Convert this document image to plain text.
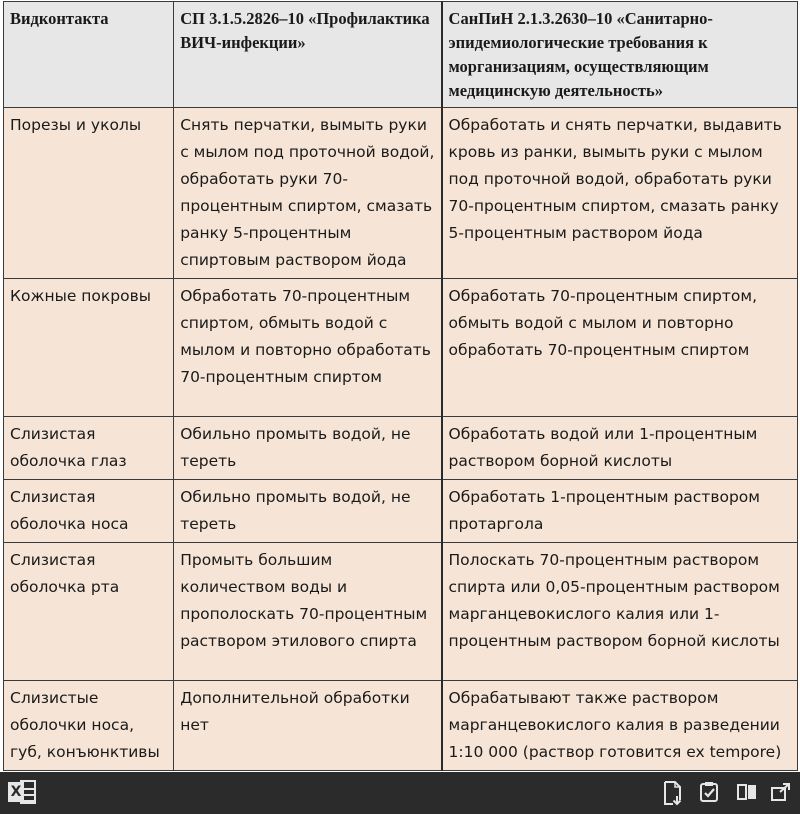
Видконтакта	СП 3.1.5.2826–10 «Профилактика ВИЧ-инфекции»	СанПиН 2.1.3.2630–10 «Санитарно-эпидемиологические требования к морганизациям, осуществляющим медицинскую деятельность»
Порезы и уколы	Снять перчатки, вымыть руки с мылом под проточной водой, обработать руки 70-процентным спиртом, смазать ранку 5-процентным спиртовым раствором йода	Обработать и снять перчатки, выдавить кровь из ранки, вымыть руки с мылом под проточной водой, обработать руки 70-процентным спиртом, смазать ранку 5-процентным раствором йода
Кожные покровы	Обработать 70-процентным спиртом, обмыть водой с мылом и повторно обработать 70-процентным спиртом	Обработать 70-процентным спиртом, обмыть водой с мылом и повторно обработать 70-процентным спиртом
Слизистая оболочка глаз	Обильно промыть водой, не тереть	Обработать водой или 1-процентным раствором борной кислоты
Слизистая оболочка носа	Обильно промыть водой, не тереть	Обработать 1-процентным раствором протаргола
Слизистая оболочка рта	Промыть большим количеством воды и прополоскать 70-процентным раствором этилового спирта	Полоскать 70-процентным раствором спирта или 0,05-процентным раствором марганцевокислого калия или 1-процентным раствором борной кислоты
Слизистые оболочки носа, губ, конъюнктивы	Дополнительной обработки нет	Обрабатывают также раствором марганцевокислого калия в разведении 1:10 000 (раствор готовится ex tempore)
X
